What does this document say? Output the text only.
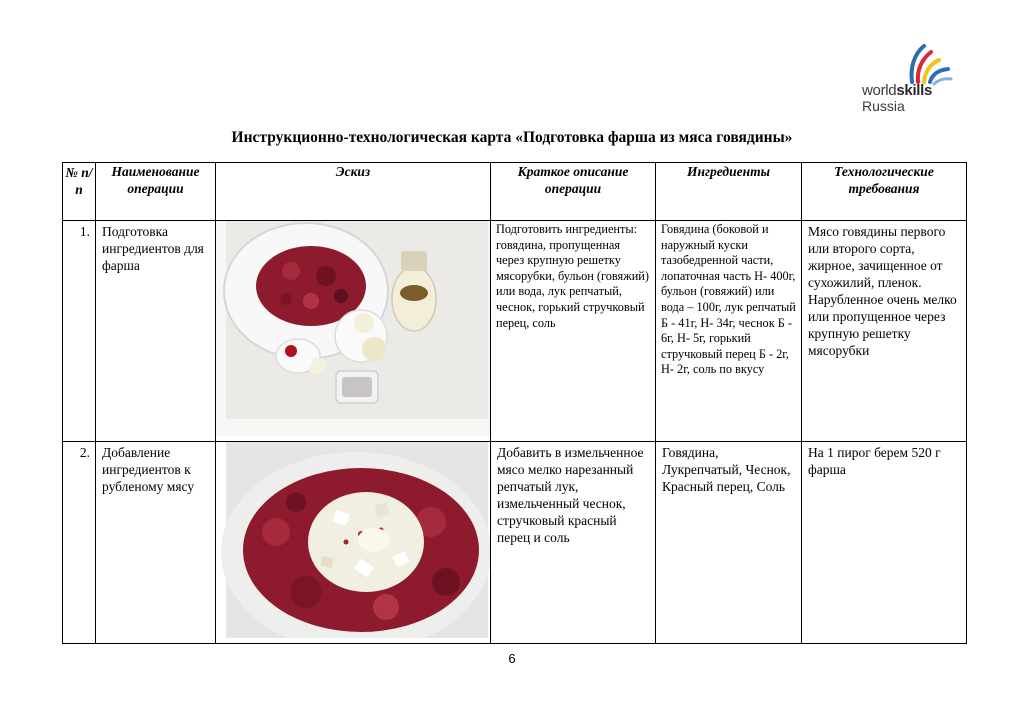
worldskills
Russia
Инструкционно-технологическая карта «Подготовка фарша из мяса говядины»
№ п/ п	Наименование операции	Эскиз	Краткое описание операции	Ингредиенты	Технологические требования
1.	Подготовка ингредиентов для фарша		Подготовить ингредиенты: говядина, пропущенная через крупную решетку мясорубки, бульон (говяжий) или вода, лук репчатый, чеснок, горький стручковый перец, соль	Говядина (боковой и наружный куски тазобедренной части, лопаточная часть Н- 400г, бульон (говяжий) или вода – 100г, лук репчатый Б - 41г, Н- 34г, чеснок Б - 6г, Н- 5г, горький стручковый перец Б - 2г, Н- 2г, соль по вкусу	Мясо говядины первого или второго сорта, жирное, зачищенное от сухожилий, пленок. Нарубленное очень мелко или пропущенное через крупную решетку мясорубки
2.	Добавление ингредиентов к рубленому мясу		Добавить в измельченное мясо мелко нарезанный репчатый лук, измельченный чеснок, стручковый красный перец и соль	Говядина, Лукрепчатый, Чеснок, Красный перец, Соль	На 1 пирог берем 520 г фарша
6
